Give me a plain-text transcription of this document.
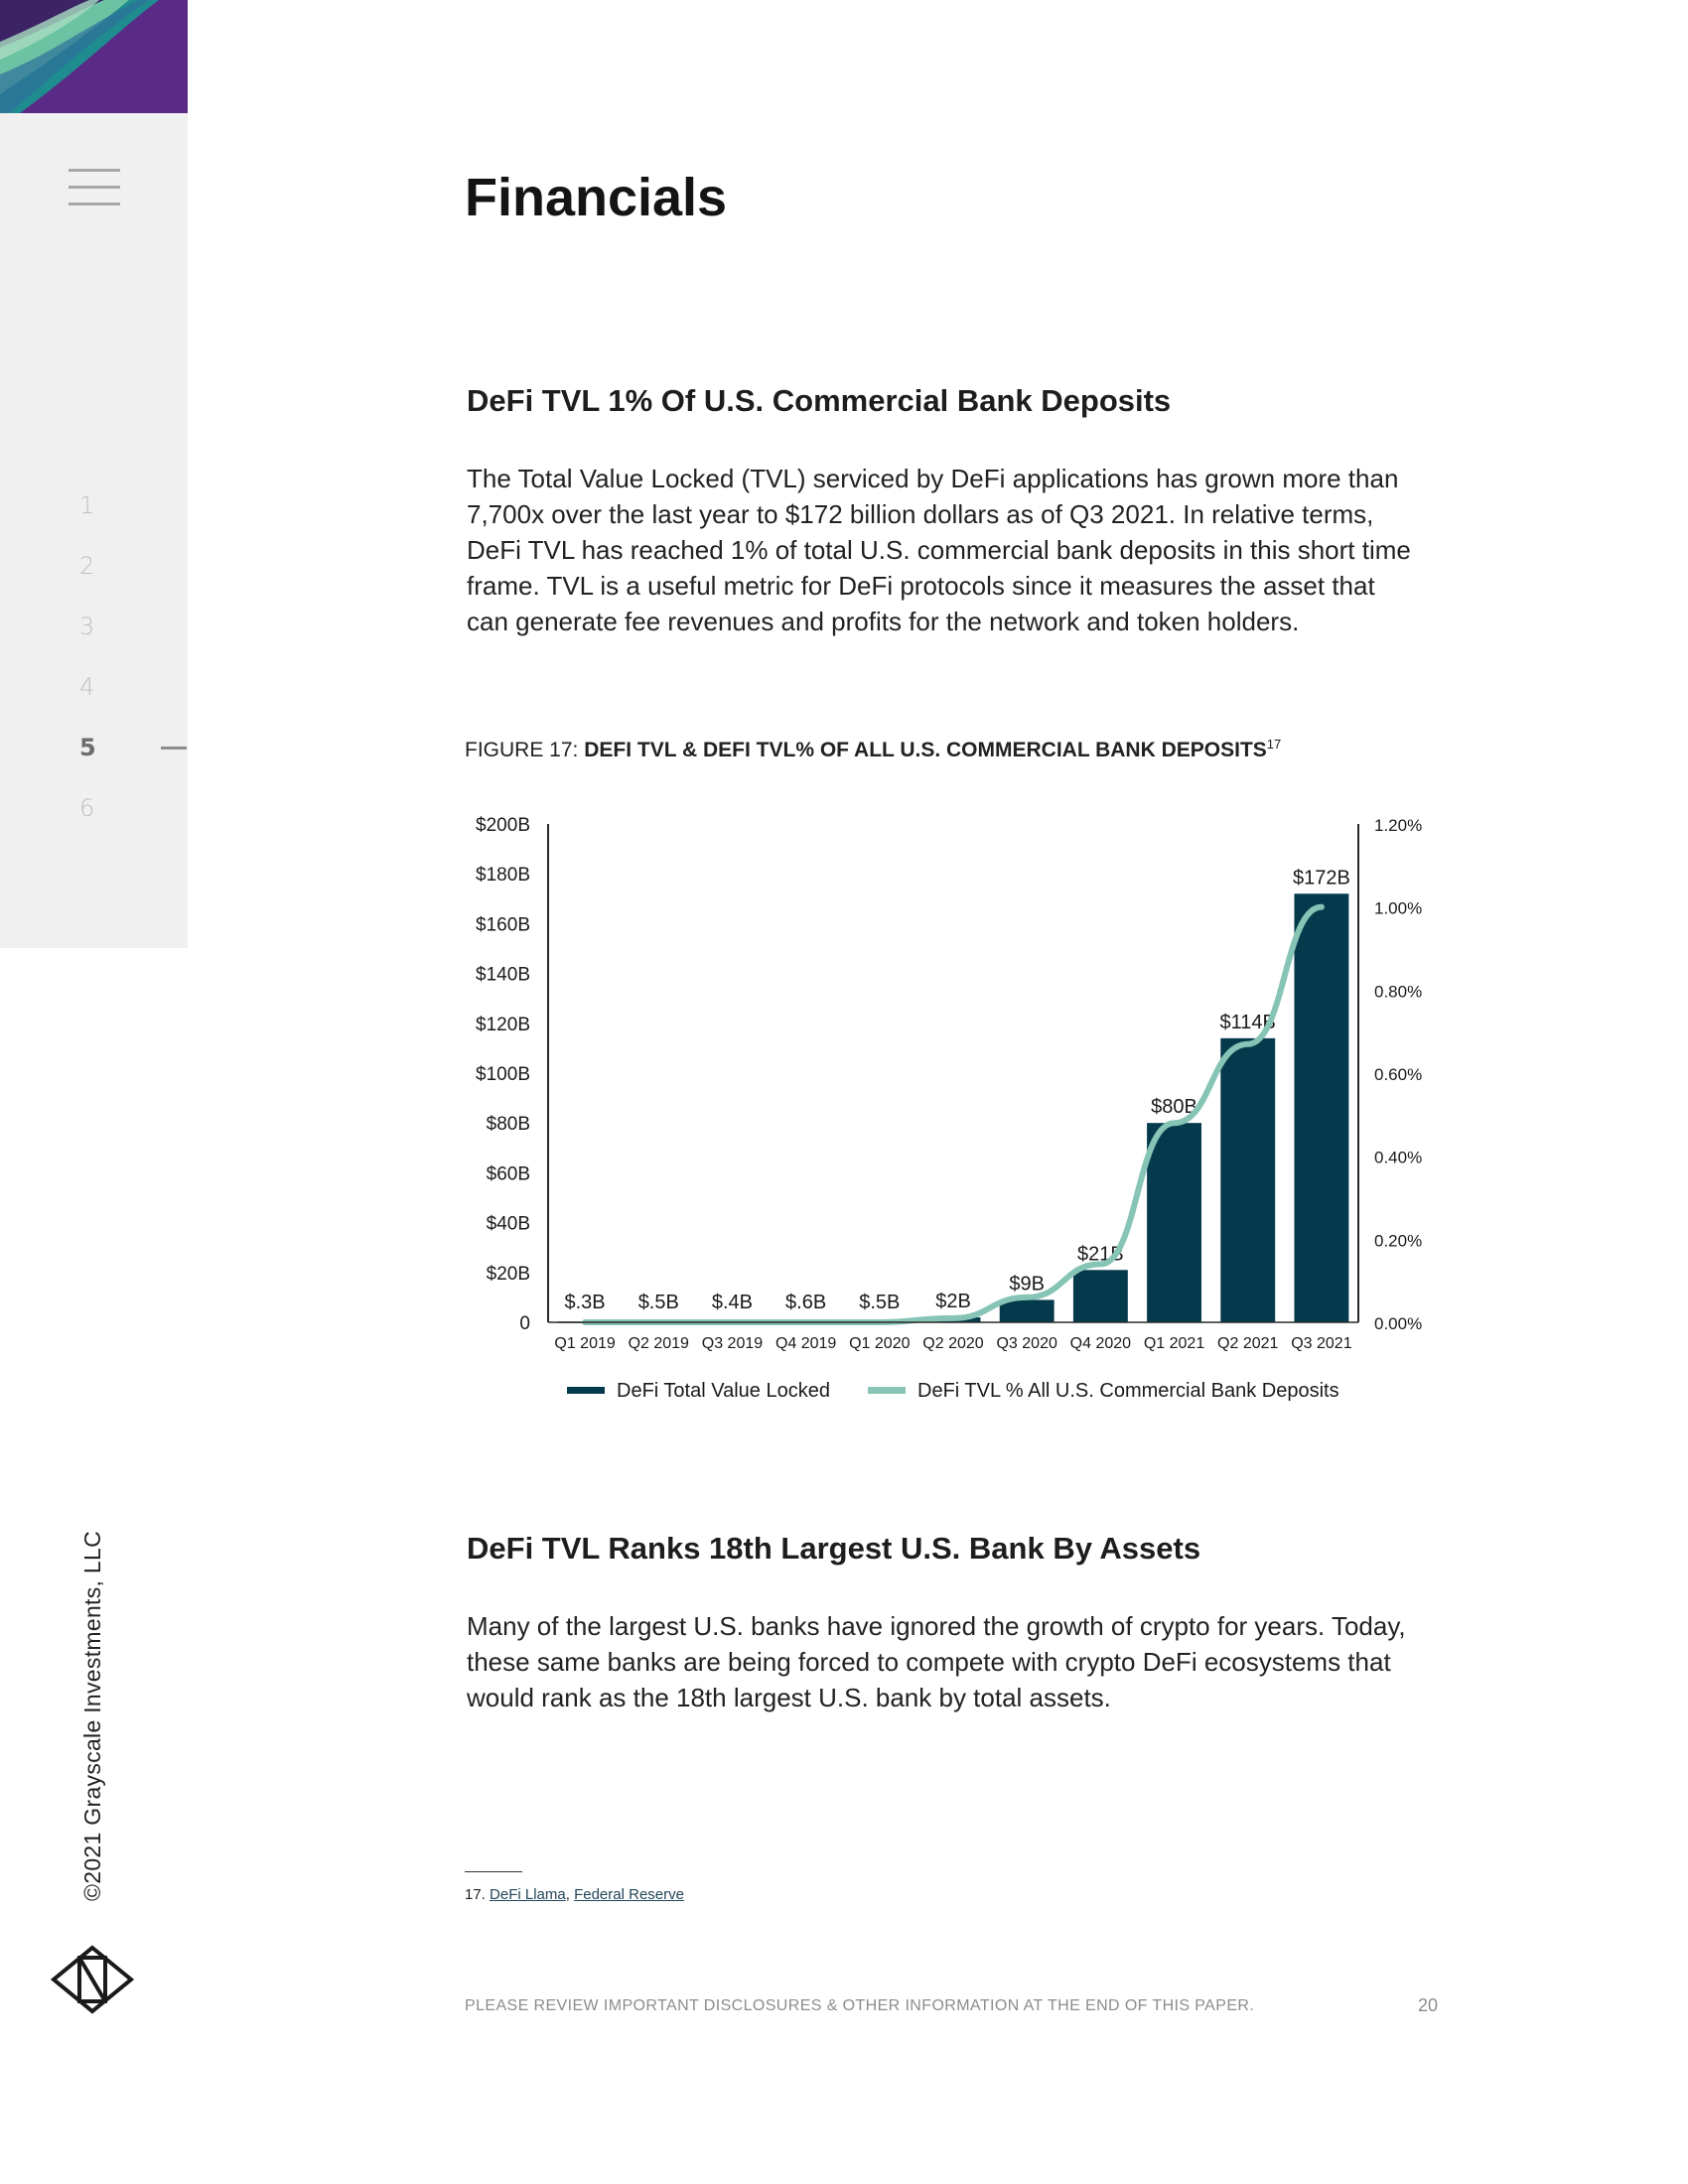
1
2
3
4
5
6
©2021 Grayscale Investments, LLC
Financials
DeFi TVL 1% Of U.S. Commercial Bank Deposits

The Total Value Locked (TVL) serviced by DeFi applications has grown more than 7,700x over the last year to $172 billion dollars as of Q3 2021. In relative terms, DeFi TVL has reached 1% of total U.S. commercial bank deposits in this short time frame. TVL is a useful metric for DeFi protocols since it measures the asset that can generate fee revenues and profits for the network and token holders.

FIGURE 17: DEFI TVL & DEFI TVL% OF ALL U.S. COMMERCIAL BANK DEPOSITS$^{17}$
0
$20B
$40B
$60B
$80B
$100B
$120B
$140B
$160B
$180B
$200B
0.00%
0.20%
0.40%
0.60%
0.80%
1.00%
1.20%
$.3B $.5B $.4B $.6B $.5B $2B
$9B
$21B
$80B
$114B
$172B
Q1 2019 Q2 2019 Q3 2019 Q4 2019 Q1 2020 Q2 2020 Q3 2020 Q4 2020 Q1 2021 Q2 2021 Q3 2021
DeFi Total Value Locked	DeFi TVL % All U.S. Commercial Bank Deposits
DeFi TVL Ranks 18th Largest U.S. Bank By Assets

Many of the largest U.S. banks have ignored the growth of crypto for years. Today, these same banks are being forced to compete with crypto DeFi ecosystems that would rank as the 18th largest U.S. bank by total assets.

17. DeFi Llama, Federal Reserve
PLEASE REVIEW IMPORTANT DISCLOSURES & OTHER INFORMATION AT THE END OF THIS PAPER.	20
